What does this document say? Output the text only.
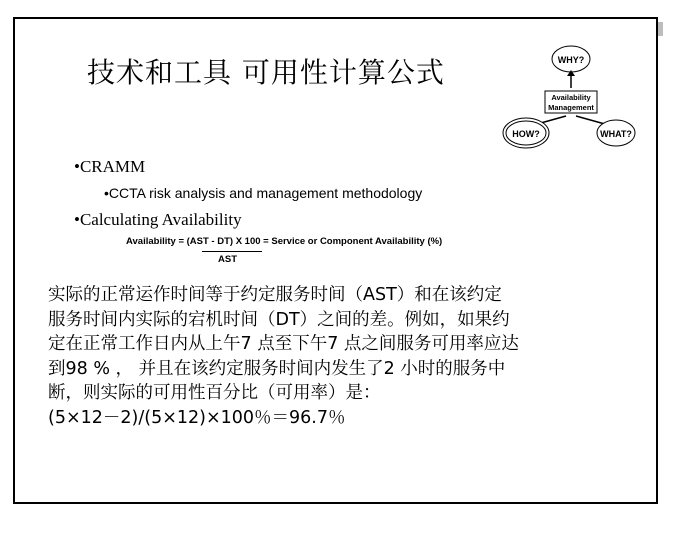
技术和工具 可用性计算公式	WHY?
Availability
Management
HOW?	WHAT?
•CRAMM
•CCTA risk analysis and management methodology
•Calculating Availability
Availability = (AST - DT) X 100 = Service or Component Availability (%)
AST

实际的正常运作时间等于约定服务时间（AST）和在该约定

服务时间内实际的宕机时间（DT）之间的差。例如，如果约

定在正常工作日内从上午7 点至下午7 点之间服务可用率应达

到98 % ， 并且在该约定服务时间内发生了2 小时的服务中

断，则实际的可用性百分比（可用率）是：

(5×12－2)/(5×12)×100％＝96.7％
